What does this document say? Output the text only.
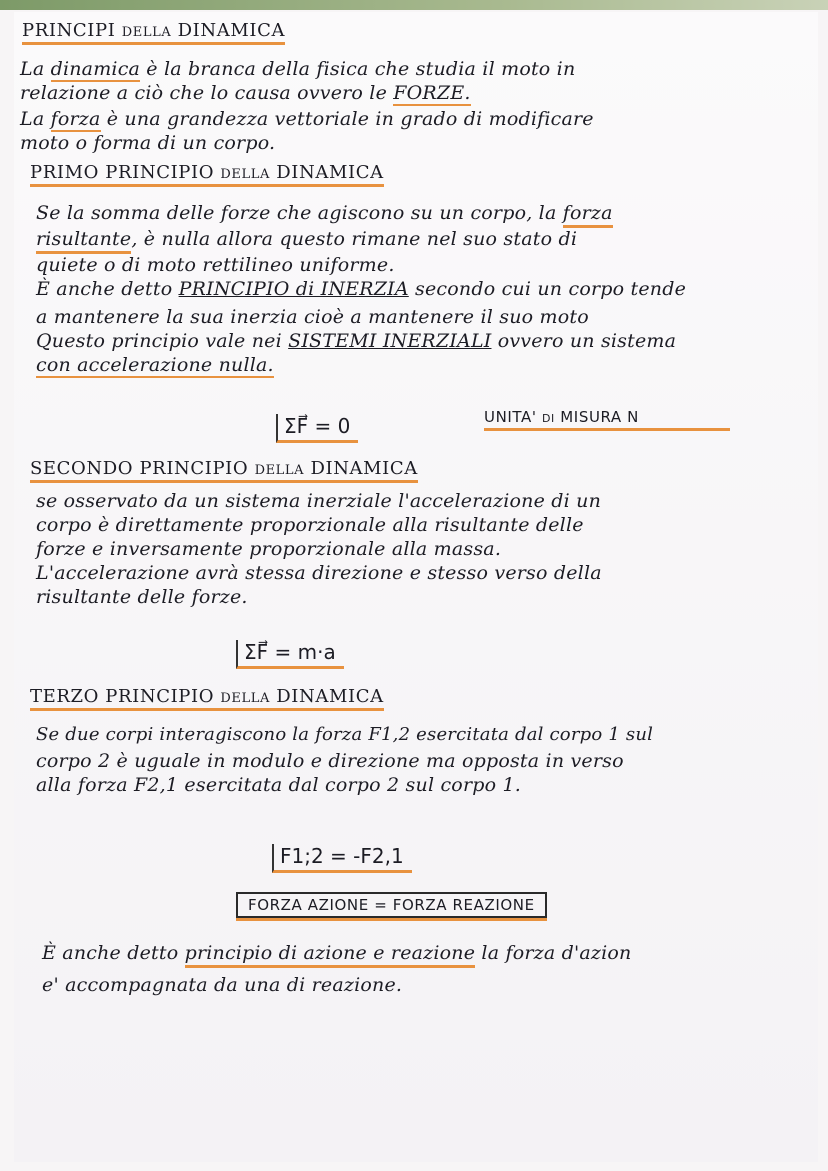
PRINCIPI della DINAMICA
La dinamica è la branca della fisica che studia il moto in
relazione a ciò che lo causa ovvero le FORZE.
La forza è una grandezza vettoriale in grado di modificare
moto o forma di un corpo.
PRIMO PRINCIPIO della DINAMICA
Se la somma delle forze che agiscono su un corpo, la forza
risultante, è nulla allora questo rimane nel suo stato di
quiete o di moto rettilineo uniforme.
È anche detto PRINCIPIO di INERZIA secondo cui un corpo tende
a mantenere la sua inerzia cioè a mantenere il suo moto
Questo principio vale nei SISTEMI INERZIALI ovvero un sistema
con accelerazione nulla.
ΣF⃗ = 0	UNITA' di MISURA N
SECONDO PRINCIPIO della DINAMICA
se osservato da un sistema inerziale l'accelerazione di un
corpo è direttamente proporzionale alla risultante delle
forze e inversamente proporzionale alla massa.
L'accelerazione avrà stessa direzione e stesso verso della
risultante delle forze.
ΣF⃗ = m·a
TERZO PRINCIPIO della DINAMICA
Se due corpi interagiscono la forza F1,2 esercitata dal corpo 1 sul
corpo 2 è uguale in modulo e direzione ma opposta in verso
alla forza F2,1 esercitata dal corpo 2 sul corpo 1.
F1;2 = -F2,1
FORZA AZIONE = FORZA REAZIONE
È anche detto principio di azione e reazione la forza d'azion
e' accompagnata da una di reazione.
